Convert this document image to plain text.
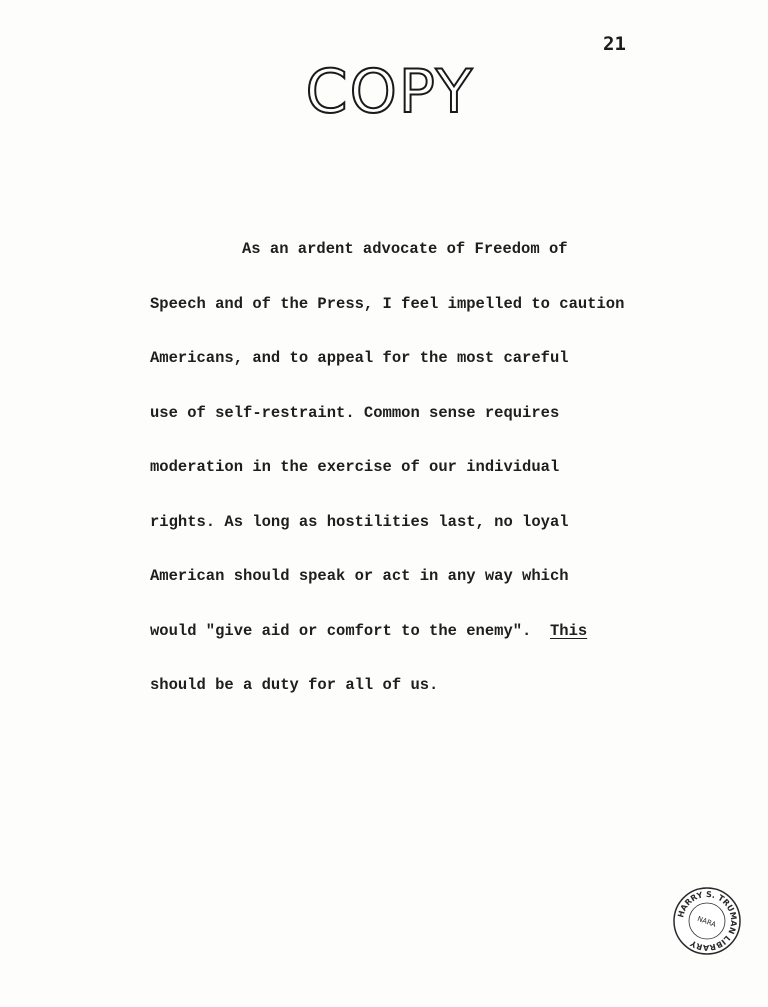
21
COPY
As an ardent advocate of Freedom of
Speech and of the Press, I feel impelled to caution
Americans, and to appeal for the most careful
use of self-restraint. Common sense requires
moderation in the exercise of our individual
rights. As long as hostilities last, no loyal
American should speak or act in any way which
would "give aid or comfort to the enemy".  This
should be a duty for all of us.
HARRY S. TRUMAN LIBRARY
NARA
